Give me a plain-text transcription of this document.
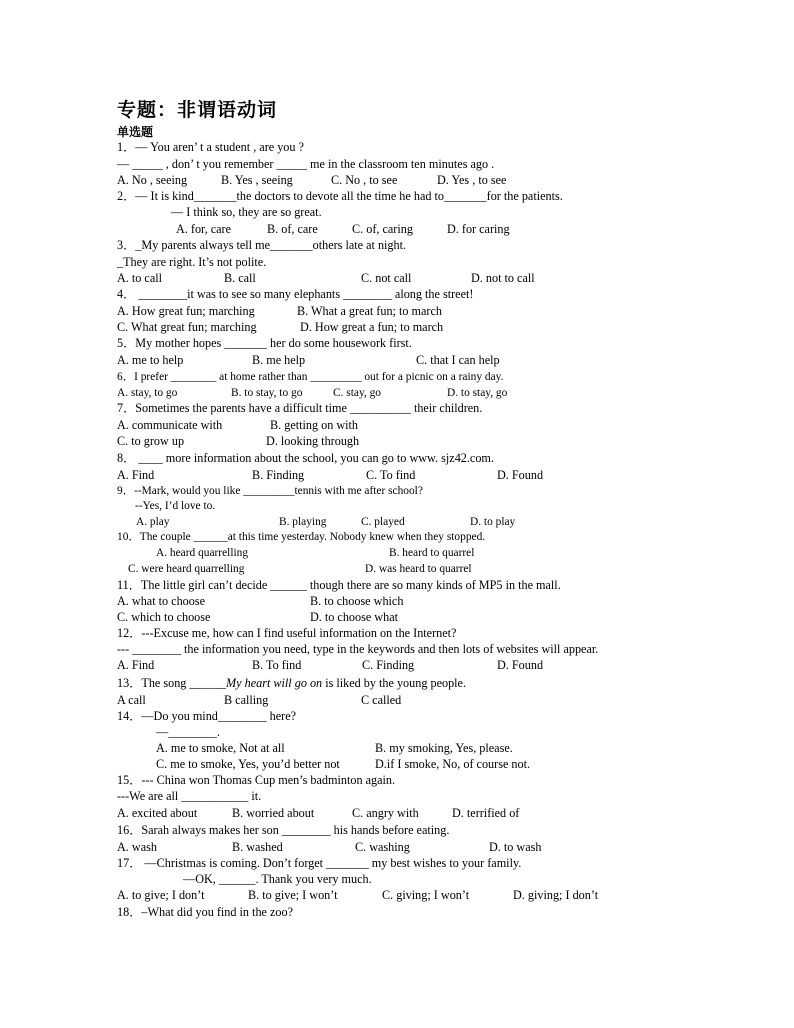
专题：非谓语动词
单选题
1．— You aren’ t a student , are you ?
— _____ , don’ t you remember _____ me in the classroom ten minutes ago .
A. No , seeing	B. Yes , seeing	C. No , to see	D. Yes , to see
2．— It is kind_______the doctors to devote all the time he had to_______for the patients.
— I think so, they are so great.
A. for, care	B. of, care	C. of, caring	D. for caring
3．_My parents always tell me_______others late at night.
_They are right. It’s not polite.
A. to call	B. call	C. not call	D. not to call
4． ________it was to see so many elephants ________ along the street!
A. How great fun; marching	B. What a great fun; to march
C. What great fun; marching	D. How great a fun; to march
5．My mother hopes _______ her do some housework first.
A. me to help	B. me help	C. that I can help
6．I prefer ________ at home rather than _________ out for a picnic on a rainy day.
A. stay, to go	B. to stay, to go	C. stay, go	D. to stay, go
7．Sometimes the parents have a difficult time __________ their children.
A. communicate with	B. getting on with
C. to grow up	D. looking through
8． ____ more information about the school, you can go to www. sjz42.com.
A. Find	B. Finding	C. To find	D. Found
9．--Mark, would you like _________tennis with me after school?
--Yes, I’d love to.
A. play	B. playing	C. played	D. to play
10．The couple ______at this time yesterday. Nobody knew when they stopped.
A. heard quarrelling	B. heard to quarrel
C. were heard quarrelling	D. was heard to quarrel
11．The little girl can’t decide ______ though there are so many kinds of MP5 in the mall.
A. what to choose	B. to choose which
C. which to choose	D. to choose what
12．---Excuse me, how can I find useful information on the Internet?
--- ________ the information you need, type in the keywords and then lots of websites will appear.
A. Find	B. To find	C. Finding	D. Found
13．The song ______My heart will go on is liked by the young people.
A call	B calling	C called
14．—Do you mind________ here?
—________.
A. me to smoke, Not at all	B. my smoking, Yes, please.
C. me to smoke, Yes, you’d better not	D.if I smoke, No, of course not.
15．--- China won Thomas Cup men’s badminton again.
---We are all ___________ it.
A. excited about	B. worried about	C. angry with	D. terrified of
16．Sarah always makes her son ________ his hands before eating.
A. wash	B. washed	C. washing	D. to wash
17． —Christmas is coming. Don’t forget _______ my best wishes to your family.
—OK, ______. Thank you very much.
A. to give; I don’t	B. to give; I won’t	C. giving; I won’t	D. giving; I don’t
18．–What did you find in the zoo?
